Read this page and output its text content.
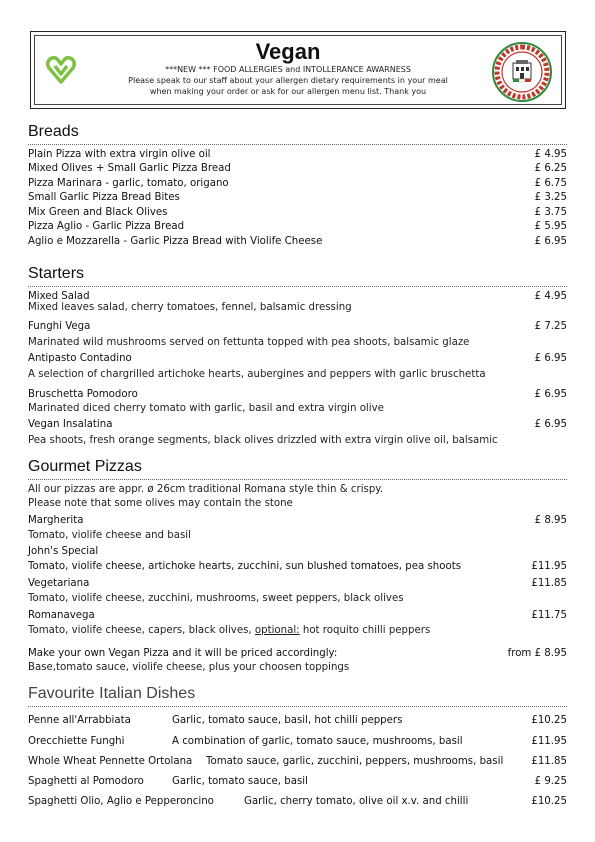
Vegan
***NEW *** FOOD ALLERGIES and INTOLLERANCE AWARNESS
Please speak to our staff about your allergen dietary requirements in your meal
when making your order or ask for our allergen menu list. Thank you
Breads
Plain Pizza with extra virgin olive oil	£ 4.95
Mixed Olives + Small Garlic Pizza Bread	£ 6.25
Pizza Marinara - garlic, tomato, origano	£ 6.75
Small Garlic Pizza Bread Bites	£ 3.25
Mix Green and Black Olives	£ 3.75
Pizza Aglio - Garlic Pizza Bread	£ 5.95
Aglio e Mozzarella - Garlic Pizza Bread with Violife Cheese	£ 6.95
Starters
Mixed Salad	£ 4.95
Mixed leaves salad, cherry tomatoes, fennel, balsamic dressing
Funghi Vega	£ 7.25
Marinated wild mushrooms served on fettunta topped with pea shoots, balsamic glaze
Antipasto Contadino	£ 6.95
A selection of chargrilled artichoke hearts, aubergines and peppers with garlic bruschetta
Bruschetta Pomodoro	£ 6.95
Marinated diced cherry tomato with garlic, basil and extra virgin olive
Vegan Insalatina	£ 6.95
Pea shoots, fresh orange segments, black olives drizzled with extra virgin olive oil, balsamic
Gourmet Pizzas
All our pizzas are appr. ø 26cm traditional Romana style thin & crispy.
Please note that some olives may contain the stone
Margherita	£ 8.95
Tomato, violife cheese and basil
John's Special
Tomato, violife cheese, artichoke hearts, zucchini, sun blushed tomatoes, pea shoots	£11.95
Vegetariana	£11.85
Tomato, violife cheese, zucchini, mushrooms, sweet peppers, black olives
Romanavega	£11.75
Tomato, violife cheese, capers, black olives, optional: hot roquito chilli peppers
Make your own Vegan Pizza and it will be priced accordingly:	from £ 8.95
Base,tomato sauce, violife cheese, plus your choosen toppings
Favourite Italian Dishes
Penne all'Arrabbiata	Garlic, tomato sauce, basil, hot chilli peppers	£10.25
Orecchiette Funghi	A combination of garlic, tomato sauce, mushrooms, basil	£11.95
Whole Wheat Pennette Ortolana Tomato sauce, garlic, zucchini, peppers, mushrooms, basil	£11.85
Spaghetti al Pomodoro	Garlic, tomato sauce, basil	£ 9.25
Spaghetti Olio, Aglio e Pepperoncino	Garlic, cherry tomato, olive oil x.v. and chilli	£10.25
